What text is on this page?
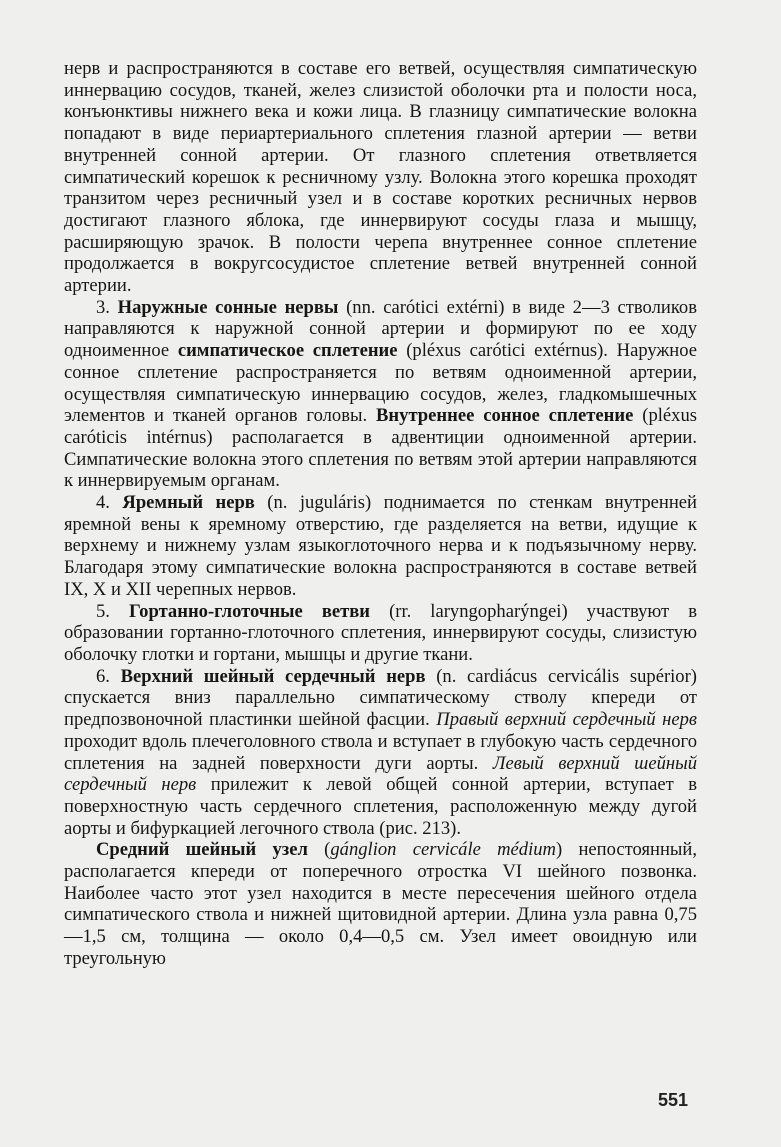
нерв и распространяются в составе его ветвей, осуществляя симпатическую иннервацию сосудов, тканей, желез слизистой оболочки рта и полости носа, конъюнктивы нижнего века и кожи лица. В глазницу симпатические волокна попадают в виде периартериального сплетения глазной артерии — ветви внутренней сонной артерии. От глазного сплетения ответвляется симпатический корешок к ресничному узлу. Волокна этого корешка проходят транзитом через ресничный узел и в составе коротких ресничных нервов достигают глазного яблока, где иннервируют сосуды глаза и мышцу, расширяющую зрачок. В полости черепа внутреннее сонное сплетение продолжается в вокругсосудистое сплетение ветвей внутренней сонной артерии.

3. Наружные сонные нервы (nn. carótici extérni) в виде 2—3 стволиков направляются к наружной сонной артерии и формируют по ее ходу одноименное симпатическое сплетение (pléxus carótici extérnus). Наружное сонное сплетение распространяется по ветвям одноименной артерии, осуществляя симпатическую иннервацию сосудов, желез, гладкомышечных элементов и тканей органов головы. Внутреннее сонное сплетение (pléxus caróticis intérnus) располагается в адвентиции одноименной артерии. Симпатические волокна этого сплетения по ветвям этой артерии направляются к иннервируемым органам.

4. Яремный нерв (n. juguláris) поднимается по стенкам внутренней яремной вены к яремному отверстию, где разделяется на ветви, идущие к верхнему и нижнему узлам языкоглоточного нерва и к подъязычному нерву. Благодаря этому симпатические волокна распространяются в составе ветвей IX, X и XII черепных нервов.

5. Гортанно-глоточные ветви (rr. laryngopharýngei) участвуют в образовании гортанно-глоточного сплетения, иннервируют сосуды, слизистую оболочку глотки и гортани, мышцы и другие ткани.

6. Верхний шейный сердечный нерв (n. cardiácus cervicális supérior) спускается вниз параллельно симпатическому стволу кпереди от предпозвоночной пластинки шейной фасции. Правый верхний сердечный нерв проходит вдоль плечеголовного ствола и вступает в глубокую часть сердечного сплетения на задней поверхности дуги аорты. Левый верхний шейный сердечный нерв прилежит к левой общей сонной артерии, вступает в поверхностную часть сердечного сплетения, расположенную между дугой аорты и бифуркацией легочного ствола (рис. 213).

Средний шейный узел (gánglion cervicále médium) непостоянный, располагается кпереди от поперечного отростка VI шейного позвонка. Наиболее часто этот узел находится в месте пересечения шейного отдела симпатического ствола и нижней щитовидной артерии. Длина узла равна 0,75—1,5 см, толщина — около 0,4—0,5 см. Узел имеет овоидную или треугольную

551
